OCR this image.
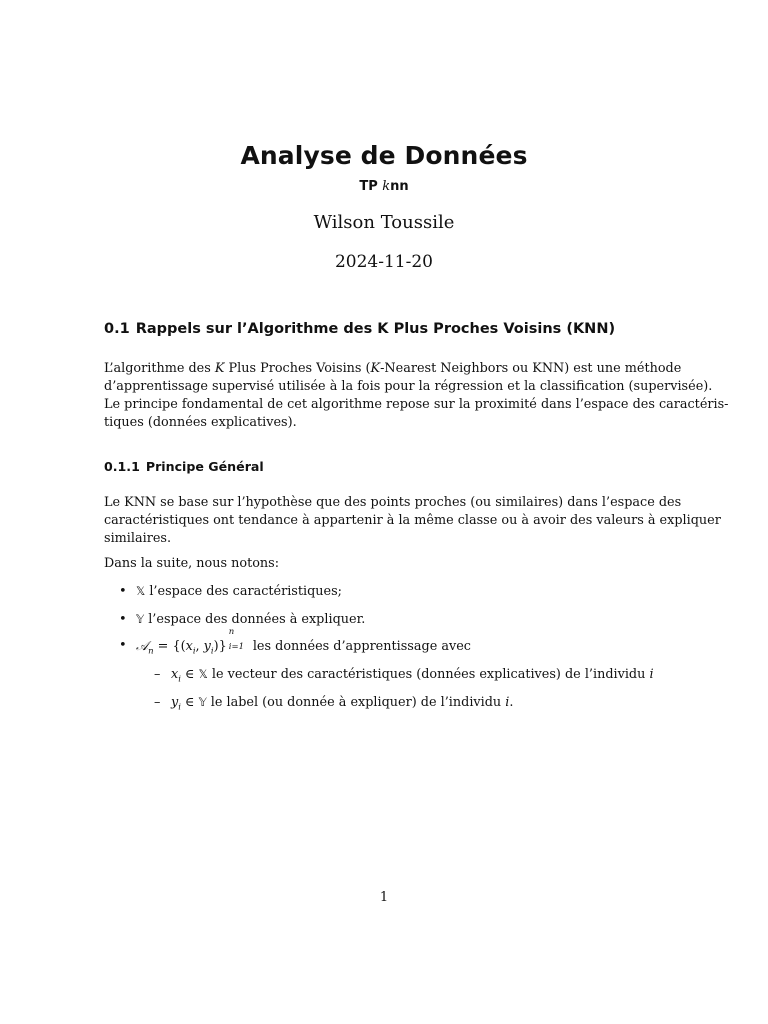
Analyse de Données
TP knn
Wilson Toussile
2024-11-20
0.1 Rappels sur l’Algorithme des K Plus Proches Voisins (KNN)
L’algorithme des K Plus Proches Voisins (K-Nearest Neighbors ou KNN) est une méthode
d’apprentissage supervisé utilisée à la fois pour la régression et la classification (supervisée).
Le principe fondamental de cet algorithme repose sur la proximité dans l’espace des caractéris-
tiques (données explicatives).
0.1.1 Principe Général
Le KNN se base sur l’hypothèse que des points proches (ou similaires) dans l’espace des
caractéristiques ont tendance à appartenir à la même classe ou à avoir des valeurs à expliquer
similaires.
Dans la suite, nous notons:
• 𝕏 l’espace des caractéristiques;
• 𝕐 l’espace des données à expliquer.
• 𝒜$_n$ = {($x_i$, $y_i$)}
n
i=1 les données d’apprentissage avec
– $x_i$ ∈ 𝕏 le vecteur des caractéristiques (données explicatives) de l’individu i
– $y_i$ ∈ 𝕐 le label (ou donnée à expliquer) de l’individu i.
1
